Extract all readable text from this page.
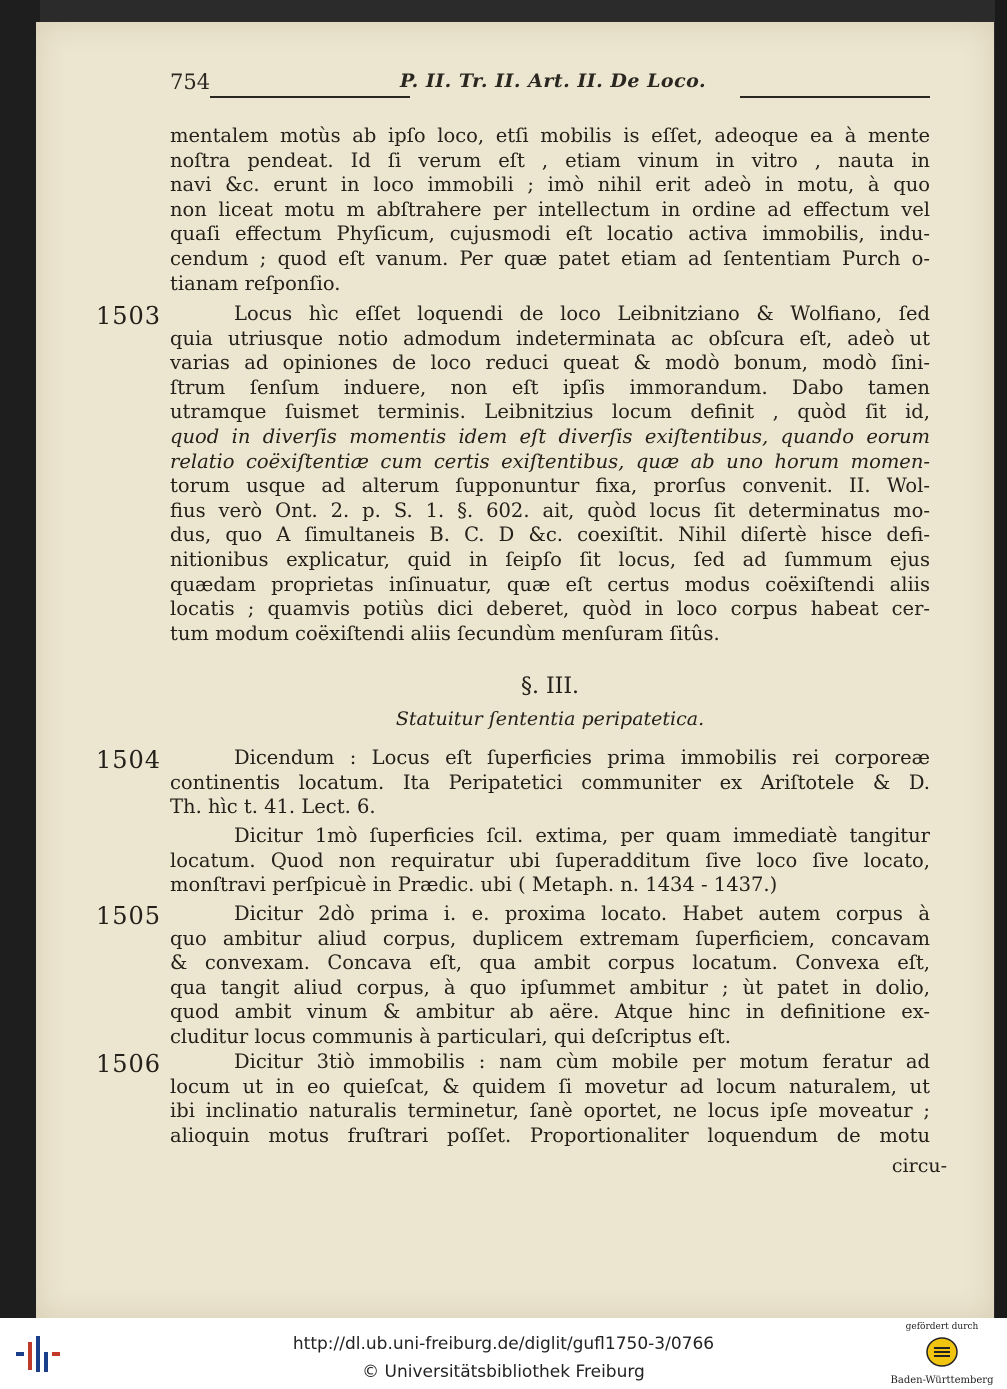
754	P. II. Tr. II. Art. II. De Loco.
mentalem motùs ab ipſo loco, etſi mobilis is eſſet, adeoque ea à mente
noſtra pendeat. Id ſi verum eſt , etiam vinum in vitro , nauta in
navi &c. erunt in loco immobili ; imò nihil erit adeò in motu, à quo
non liceat motu m abſtrahere per intellectum in ordine ad effectum vel
quaſi effectum Phyſicum, cujusmodi eſt locatio activa immobilis, indu-
cendum ; quod eſt vanum. Per quæ patet etiam ad ſententiam Purch o-
tianam reſponſio.
1503	Locus hìc eſſet loquendi de loco Leibnitziano & Wolfiano, ſed
quia utriusque notio admodum indeterminata ac obſcura eſt, adeò ut
varias ad opiniones de loco reduci queat & modò bonum, modò ſini-
ſtrum ſenſum induere, non eſt ipſis immorandum. Dabo tamen
utramque ſuismet terminis. Leibnitzius locum definit , quòd ſit id,
quod in diverſis momentis idem eſt diverſis exiſtentibus, quando eorum
relatio coëxiſtentiæ cum certis exiſtentibus, quæ ab uno horum momen-
torum usque ad alterum ſupponuntur fixa, prorſus convenit. II. Wol-
fius verò Ont. 2. p. S. 1. §. 602. ait, quòd locus ſit determinatus mo-
dus, quo A ſimultaneis B. C. D &c. coexiſtit. Nihil diſertè hisce defi-
nitionibus explicatur, quid in ſeipſo ſit locus, ſed ad ſummum ejus
quædam proprietas inſinuatur, quæ eſt certus modus coëxiſtendi aliis
locatis ; quamvis potiùs dici deberet, quòd in loco corpus habeat cer-
tum modum coëxiſtendi aliis ſecundùm menſuram ſitûs.
§. III.
Statuitur ſententia peripatetica.
1504	Dicendum : Locus eſt ſuperficies prima immobilis rei corporeæ
continentis locatum. Ita Peripatetici communiter ex Ariſtotele & D.
Th. hìc t. 41. Lect. 6.
Dicitur 1mò ſuperficies ſcil. extima, per quam immediatè tangitur
locatum. Quod non requiratur ubi ſuperadditum ſive loco ſive locato,
monſtravi perſpicuè in Prædic. ubi ( Metaph. n. 1434 - 1437.)
1505	Dicitur 2dò prima i. e. proxima locato. Habet autem corpus à
quo ambitur aliud corpus, duplicem extremam ſuperficiem, concavam
& convexam. Concava eſt, qua ambit corpus locatum. Convexa eſt,
qua tangit aliud corpus, à quo ipſummet ambitur ; ùt patet in dolio,
quod ambit vinum & ambitur ab aëre. Atque hinc in definitione ex-
cluditur locus communis à particulari, qui deſcriptus eſt.
1506	Dicitur 3tiò immobilis : nam cùm mobile per motum feratur ad
locum ut in eo quieſcat, & quidem ſi movetur ad locum naturalem, ut
ibi inclinatio naturalis terminetur, ſanè oportet, ne locus ipſe moveatur ;
alioquin motus fruſtrari poſſet. Proportionaliter loquendum de motu
circu-
http://dl.ub.uni-freiburg.de/diglit/gufl1750-3/0766
© Universitätsbibliothek Freiburg
gefördert durch
Baden-Württemberg
